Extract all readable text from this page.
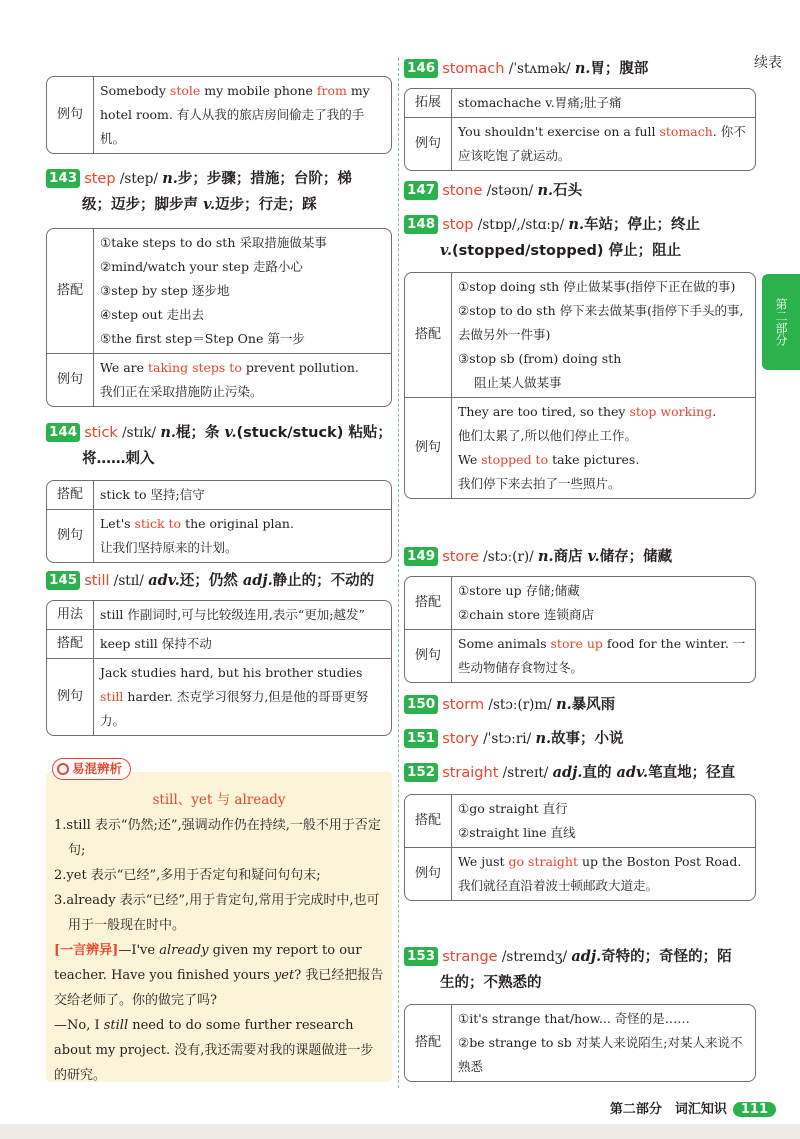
续表
例句	Somebody stole my mobile phone from my hotel room. 有人从我的旅店房间偷走了我的手机。
143 step /step/ n.步；步骤；措施；台阶；梯
级；迈步；脚步声 v.迈步；行走；踩
搭配	①take steps to do sth 采取措施做某事
②mind/watch your step 走路小心
③step by step 逐步地
④step out 走出去
⑤the first step＝Step One 第一步

例句	We are taking steps to prevent pollution.
我们正在采取措施防止污染。
144 stick /stɪk/ n.棍；条 v.(stuck/stuck) 粘贴；
将……刺入
搭配	stick to 坚持;信守
例句	Let's stick to the original plan.
让我们坚持原来的计划。
145 still /stɪl/ adv.还；仍然 adj.静止的；不动的
用法	still 作副词时,可与比较级连用,表示“更加;越发”
搭配	keep still 保持不动
例句	Jack studies hard, but his brother studies still harder. 杰克学习很努力,但是他的哥哥更努力。
易混辨析
still、yet 与 already
1.still 表示“仍然;还”,强调动作仍在持续,一般不用于否定句;
2.yet 表示“已经”,多用于否定句和疑问句句末;
3.already 表示“已经”,用于肯定句,常用于完成时中,也可用于一般现在时中。
[一言辨异]—I've already given my report to our teacher. Have you finished yours yet? 我已经把报告交给老师了。你的做完了吗?
—No, I still need to do some further research about my project. 没有,我还需要对我的课题做进一步的研究。
146 stomach /ˈstʌmək/ n.胃；腹部
拓展	stomachache v.胃痛;肚子痛
例句	You shouldn't exercise on a full stomach. 你不应该吃饱了就运动。
147 stone /stəʊn/ n.石头
148 stop /stɒp/,/stɑːp/ n.车站；停止；终止
v.(stopped/stopped) 停止；阻止
搭配	①stop doing sth 停止做某事(指停下正在做的事)
②stop to do sth 停下来去做某事(指停下手头的事,去做另外一件事)
③stop sb (from) doing sth
阻止某人做某事

例句	They are too tired, so they stop working.
他们太累了,所以他们停止工作。
We stopped to take pictures.
我们停下来去拍了一些照片。
149 store /stɔː(r)/ n.商店 v.储存；储藏
搭配	①store up 存储;储藏
②chain store 连锁商店

例句	Some animals store up food for the winter. 一些动物储存食物过冬。
150 storm /stɔː(r)m/ n.暴风雨
151 story /ˈstɔːri/ n.故事；小说
152 straight /streɪt/ adj.直的 adv.笔直地；径直
搭配	①go straight 直行
②straight line 直线

例句	We just go straight up the Boston Post Road. 我们就径直沿着波士顿邮政大道走。
153 strange /streɪndʒ/ adj.奇特的；奇怪的；陌
生的；不熟悉的
搭配	
①it's strange that/how... 奇怪的是……
②be strange to sb 对某人来说陌生;对某人来说不熟悉
第二部分
第二部分　词汇知识 111
